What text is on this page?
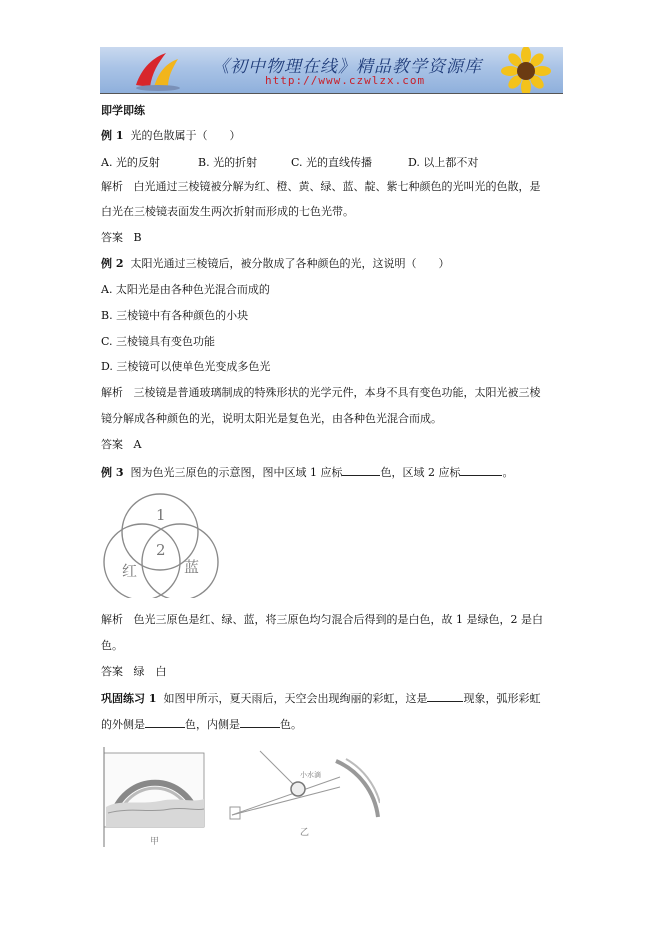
《初中物理在线》精品教学资源库
http://www.czwlzx.com
即学即练
例 1 光的色散属于（　　）
A. 光的反射	B. 光的折射	C. 光的直线传播	D. 以上都不对
解析 白光通过三棱镜被分解为红、橙、黄、绿、蓝、靛、紫七种颜色的光叫光的色散，是
白光在三棱镜表面发生两次折射而形成的七色光带。
答案 B
例 2 太阳光通过三棱镜后，被分散成了各种颜色的光，这说明（　　）
A. 太阳光是由各种色光混合而成的
B. 三棱镜中有各种颜色的小块
C. 三棱镜具有变色功能
D. 三棱镜可以使单色光变成多色光
解析 三棱镜是普通玻璃制成的特殊形状的光学元件，本身不具有变色功能，太阳光被三棱
镜分解成各种颜色的光，说明太阳光是复色光，由各种色光混合而成。
答案 A
例 3 图为色光三原色的示意图，图中区域 1 应标	色，区域 2 应标	。
1
2
红	蓝
解析 色光三原色是红、绿、蓝，将三原色均匀混合后得到的是白色，故 1 是绿色，2 是白
色。
答案 绿　白
巩固练习 1 如图甲所示，夏天雨后，天空会出现绚丽的彩虹，这是	现象，弧形彩虹
的外侧是	色，内侧是	色。
甲
小水滴
乙
